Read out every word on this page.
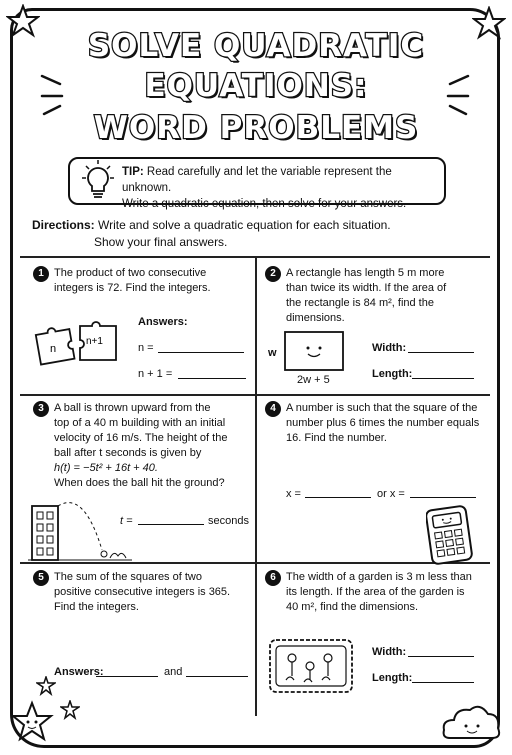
SOLVE QUADRATIC
EQUATIONS:
WORD PROBLEMS
TIP: Read carefully and let the variable represent the unknown.
Write a quadratic equation, then solve for your answers.
Directions: Write and solve a quadratic equation for each situation.
Show your final answers.
1 The product of two consecutive
integers is 72. Find the integers.
n
n+1
Answers:
n =
n + 1 =
2 A rectangle has length 5 m more
than twice its width. If the area of
the rectangle is 84 m², find the
dimensions.
w
2w + 5
Width:
Length:
3 A ball is thrown upward from the
top of a 40 m building with an initial
velocity of 16 m/s. The height of the
ball after t seconds is given by
h(t) = −5t² + 16t + 40.
When does the ball hit the ground?
t =	seconds
4 A number is such that the square of the
number plus 6 times the number equals
16. Find the number.
x =	or x =
5 The sum of the squares of two
positive consecutive integers is 365.
Find the integers.
Answers:	and
6 The width of a garden is 3 m less than
its length. If the area of the garden is
40 m², find the dimensions.
Width:
Length:
